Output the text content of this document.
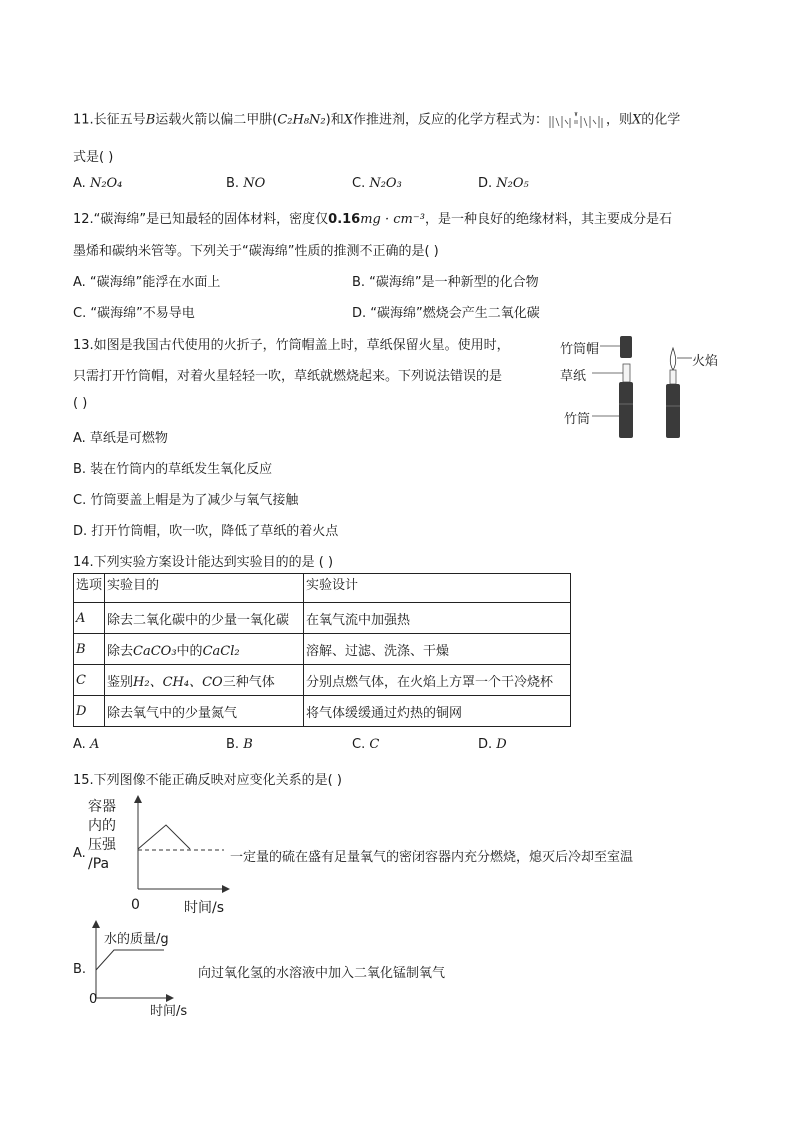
11.长征五号B运载火箭以偏二甲肼(C₂H₈N₂)和X作推进剂，反应的化学方程式为：	，则X的化学
式是( )
A. N₂O₄	B. NO	C. N₂O₃	D. N₂O₅
12.“碳海绵”是已知最轻的固体材料，密度仅0.16mg · cm⁻³，是一种良好的绝缘材料，其主要成分是石
墨烯和碳纳米管等。下列关于“碳海绵”性质的推测不正确的是( )
A. “碳海绵”能浮在水面上	B. “碳海绵”是一种新型的化合物
C. “碳海绵”不易导电	D. “碳海绵”燃烧会产生二氧化碳
13.如图是我国古代使用的火折子，竹筒帽盖上时，草纸保留火星。使用时，
只需打开竹筒帽，对着火星轻轻一吹，草纸就燃烧起来。下列说法错误的是
( )
A. 草纸是可燃物
B. 装在竹筒内的草纸发生氧化反应
C. 竹筒要盖上帽是为了减少与氧气接触
D. 打开竹筒帽，吹一吹，降低了草纸的着火点
竹筒帽
草纸
竹筒
火焰
14.下列实验方案设计能达到实验目的的是 ( )
选项	实验目的	实验设计
A	除去二氧化碳中的少量一氧化碳	在氧气流中加强热
B	除去CaCO₃中的CaCl₂	溶解、过滤、洗涤、干燥
C	鉴别H₂、CH₄、CO三种气体	分别点燃气体，在火焰上方罩一个干冷烧杯
D	除去氧气中的少量氮气	将气体缓缓通过灼热的铜网
A. A	B. B	C. C	D. D
15.下列图像不能正确反映对应变化关系的是( )
A.
容器
内的
压强
/Pa
0	时间/s
一定量的硫在盛有足量氧气的密闭容器内充分燃烧，熄灭后冷却至室温
B.
水的质量/g
0
时间/s
向过氧化氢的水溶液中加入二氧化锰制氧气
